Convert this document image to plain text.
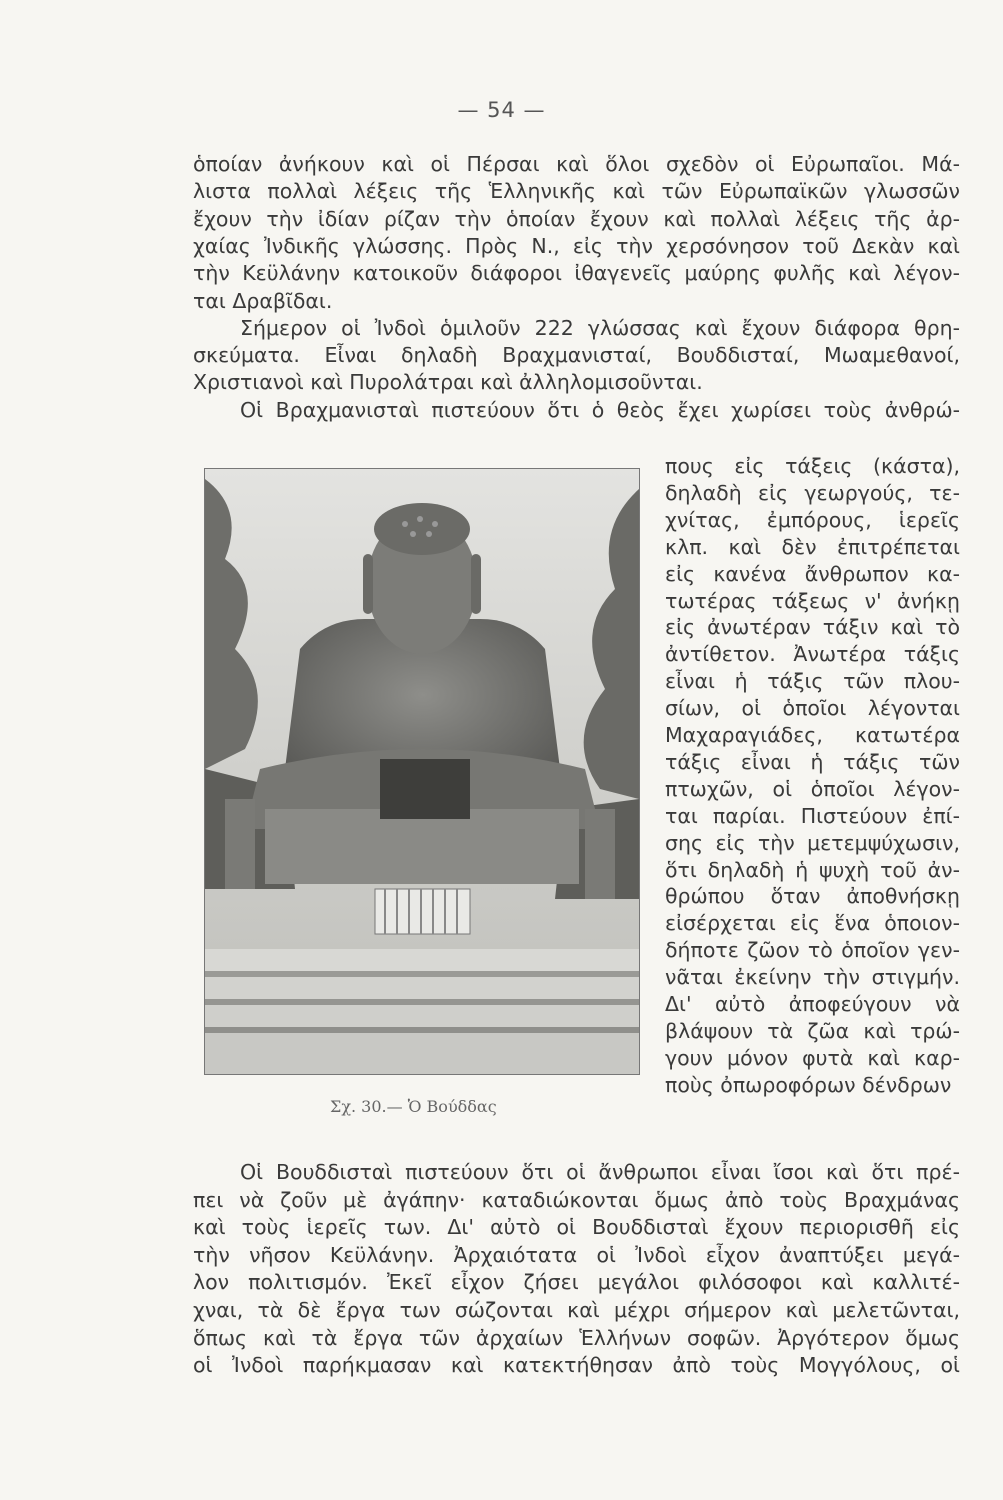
— 54 —
ὁποίαν ἀνήκουν καὶ οἱ Πέρσαι καὶ ὅλοι σχεδὸν οἱ Εὐρωπαῖοι. Μά-
λιστα πολλαὶ λέξεις τῆς Ἑλληνικῆς καὶ τῶν Εὐρωπαϊκῶν γλωσσῶν
ἔχουν τὴν ἰδίαν ρίζαν τὴν ὁποίαν ἔχουν καὶ πολλαὶ λέξεις τῆς ἀρ-
χαίας Ἰνδικῆς γλώσσης. Πρὸς Ν., εἰς τὴν χερσόνησον τοῦ Δεκὰν καὶ
τὴν Κεϋλάνην κατοικοῦν διάφοροι ἰθαγενεῖς μαύρης φυλῆς καὶ λέγον-
ται Δραβῖδαι.
Σήμερον οἱ Ἰνδοὶ ὁμιλοῦν 222 γλώσσας καὶ ἔχουν διάφορα θρη-
σκεύματα. Εἶναι δηλαδὴ Βραχμανισταί, Βουδδισταί, Μωαμεθανοί,
Χριστιανοὶ καὶ Πυρολάτραι καὶ ἀλληλομισοῦνται.
Οἱ Βραχμανισταὶ πιστεύουν ὅτι ὁ θεὸς ἔχει χωρίσει τοὺς ἀνθρώ-
πους εἰς τάξεις (κάστα),
δηλαδὴ εἰς γεωργούς, τε-
χνίτας, ἐμπόρους, ἱερεῖς
κλπ. καὶ δὲν ἐπιτρέπεται
εἰς κανένα ἄνθρωπον κα-
τωτέρας τάξεως ν' ἀνήκῃ
εἰς ἀνωτέραν τάξιν καὶ τὸ
ἀντίθετον. Ἀνωτέρα τάξις
εἶναι ἡ τάξις τῶν πλου-
σίων, οἱ ὁποῖοι λέγονται
Μαχαραγιάδες, κατωτέρα
τάξις εἶναι ἡ τάξις τῶν
πτωχῶν, οἱ ὁποῖοι λέγον-
ται παρίαι. Πιστεύουν ἐπί-
σης εἰς τὴν μετεμψύχωσιν,
ὅτι δηλαδὴ ἡ ψυχὴ τοῦ ἀν-
θρώπου ὅταν ἀποθνήσκῃ
εἰσέρχεται εἰς ἕνα ὁποιον-
δήποτε ζῶον τὸ ὁποῖον γεν-
νᾶται ἐκείνην τὴν στιγμήν.
Δι' αὐτὸ ἀποφεύγουν νὰ
βλάψουν τὰ ζῶα καὶ τρώ-
γουν μόνον φυτὰ καὶ καρ-
ποὺς ὀπωροφόρων δένδρων
Σχ. 30.— Ὁ Βούδδας
Οἱ Βουδδισταὶ πιστεύουν ὅτι οἱ ἄνθρωποι εἶναι ἴσοι καὶ ὅτι πρέ-
πει νὰ ζοῦν μὲ ἀγάπην· καταδιώκονται ὅμως ἀπὸ τοὺς Βραχμάνας
καὶ τοὺς ἱερεῖς των. Δι' αὐτὸ οἱ Βουδδισταὶ ἔχουν περιορισθῆ εἰς
τὴν νῆσον Κεϋλάνην. Ἀρχαιότατα οἱ Ἰνδοὶ εἶχον ἀναπτύξει μεγά-
λον πολιτισμόν. Ἐκεῖ εἶχον ζήσει μεγάλοι φιλόσοφοι καὶ καλλιτέ-
χναι, τὰ δὲ ἔργα των σώζονται καὶ μέχρι σήμερον καὶ μελετῶνται,
ὅπως καὶ τὰ ἔργα τῶν ἀρχαίων Ἑλλήνων σοφῶν. Ἀργότερον ὅμως
οἱ Ἰνδοὶ παρήκμασαν καὶ κατεκτήθησαν ἀπὸ τοὺς Μογγόλους, οἱ
